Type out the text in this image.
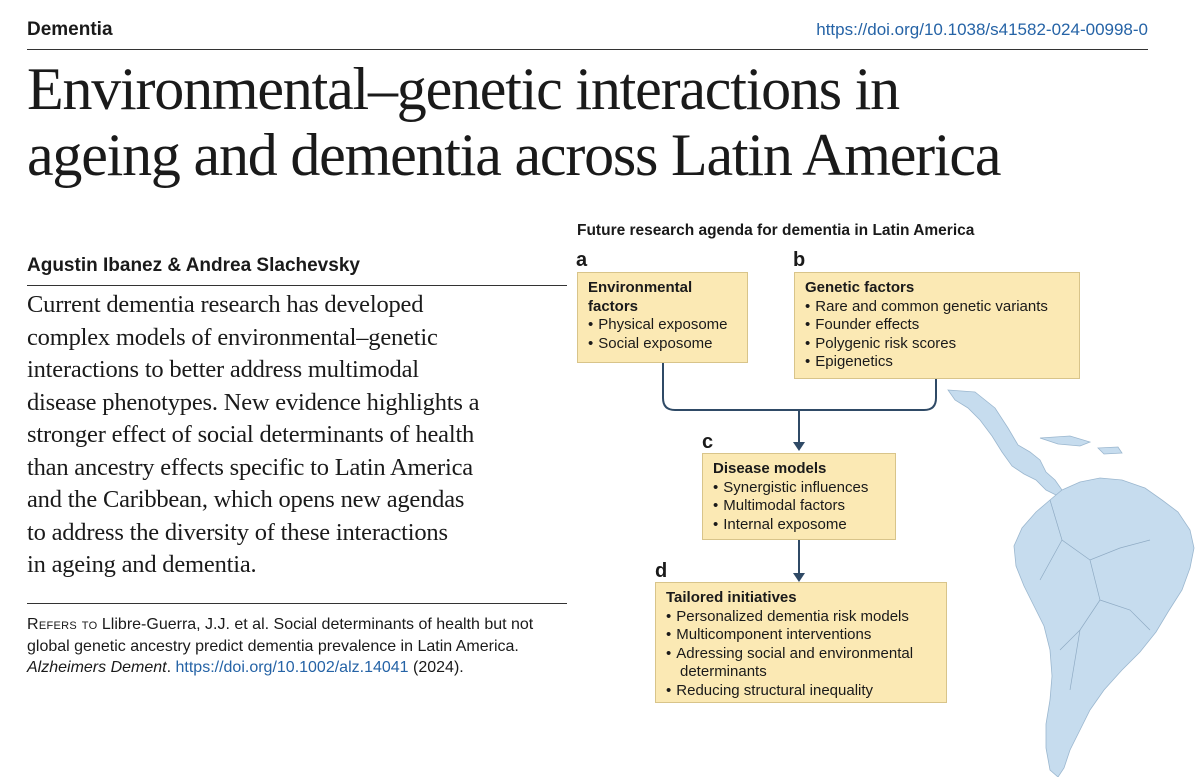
Dementia	https://doi.org/10.1038/s41582-024-00998-0
Environmental–genetic interactions in
ageing and dementia across Latin America
Agustin Ibanez & Andrea Slachevsky
Current dementia research has developed
complex models of environmental–genetic
interactions to better address multimodal
disease phenotypes. New evidence highlights a
stronger effect of social determinants of health
than ancestry effects specific to Latin America
and the Caribbean, which opens new agendas
to address the diversity of these interactions
in ageing and dementia.
Refers to Llibre-Guerra, J.J. et al. Social determinants of health but not global genetic ancestry predict dementia prevalence in Latin America. Alzheimers Dement. https://doi.org/10.1002/alz.14041 (2024).
Future research agenda for dementia in Latin America
a
Environmental
factors
• Physical exposome
• Social exposome
b
Genetic factors
• Rare and common genetic variants
• Founder effects
• Polygenic risk scores
• Epigenetics
c
Disease models
• Synergistic influences
• Multimodal factors
• Internal exposome
d
Tailored initiatives
• Personalized dementia risk models
• Multicomponent interventions
• Adressing social and environmental
determinants
• Reducing structural inequality
